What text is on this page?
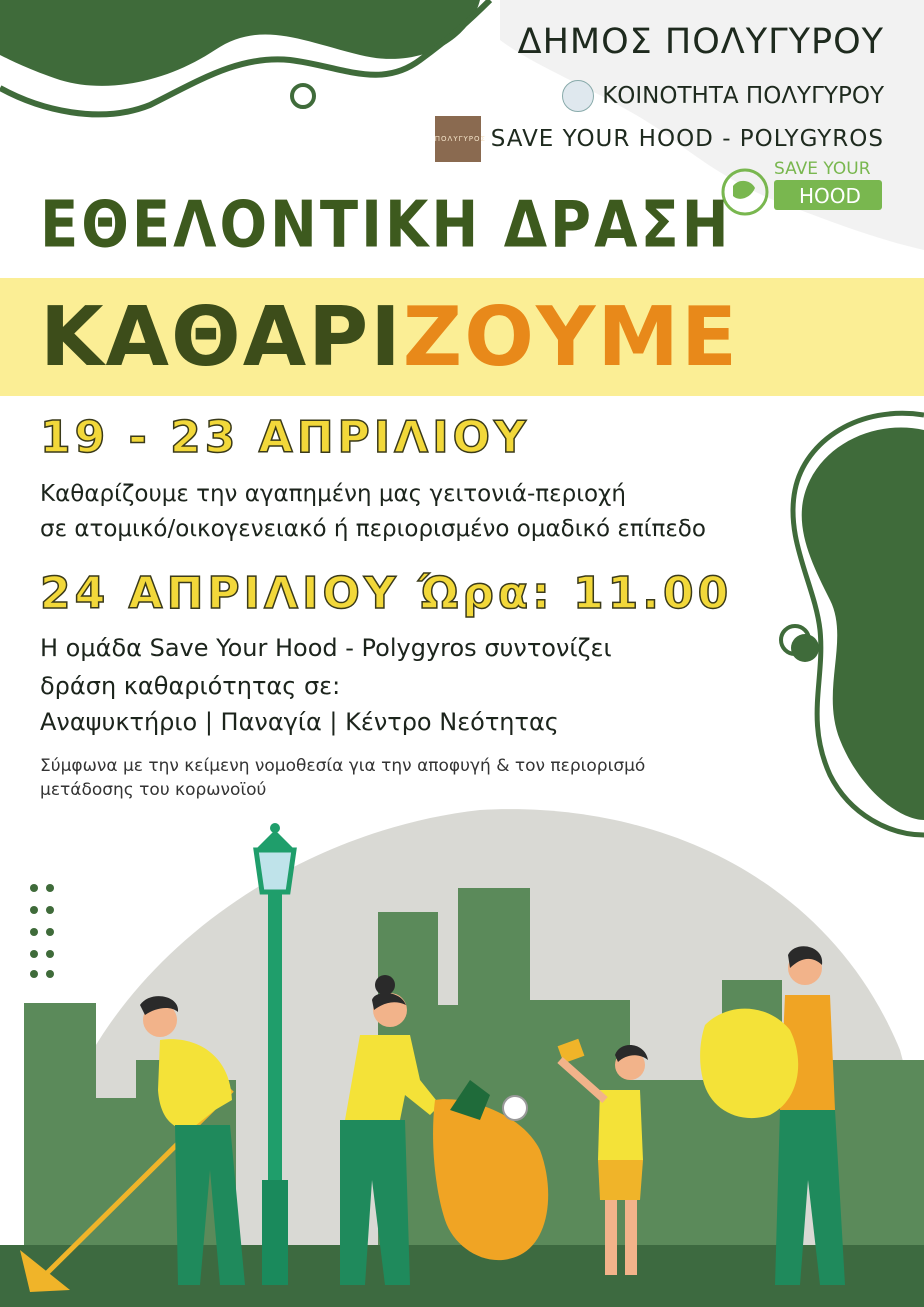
ΔΗΜΟΣ ΠΟΛΥΓΥΡΟΥ
ΚΟΙΝΟΤΗΤΑ ΠΟΛΥΓΥΡΟΥ
ΠΟΛΥΓΥΡΟΣ SAVE YOUR HOOD - POLYGYROS
SAVE YOUR
HOOD
ΕΘΕΛΟΝΤΙΚΗ ΔΡΑΣΗ
ΚΑΘΑΡΙΖΟΥΜΕ
19 - 23 ΑΠΡΙΛΙΟΥ
Καθαρίζουμε την αγαπημένη μας γειτονιά-περιοχή
σε ατομικό/οικογενειακό ή περιορισμένο ομαδικό επίπεδο
24 ΑΠΡΙΛΙΟΥ Ώρα: 11.00
Η ομάδα Save Your Hood - Polygyros συντονίζει
δράση καθαριότητας σε:
Αναψυκτήριο | Παναγία | Κέντρο Νεότητας
Σύμφωνα με την κείμενη νομοθεσία για την αποφυγή & τον περιορισμό
μετάδοσης του κορωνοϊού
